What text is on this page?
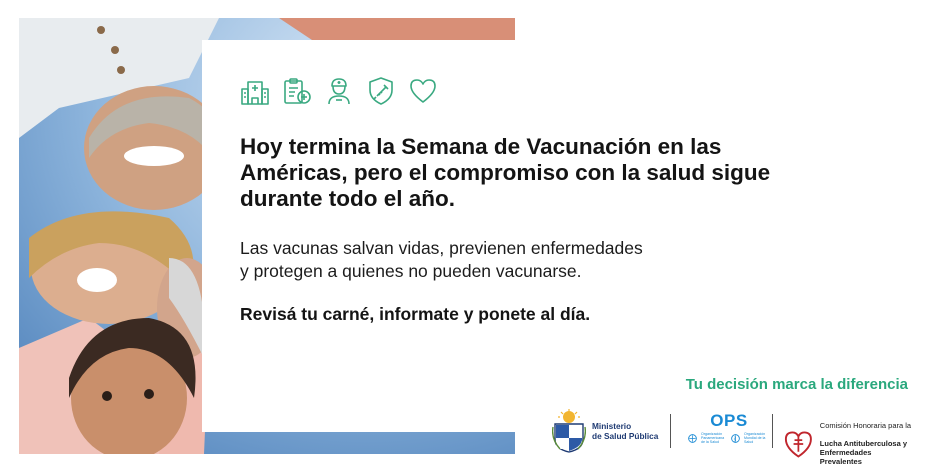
Hoy termina la Semana de Vacunación en las Américas, pero el compromiso con la salud sigue durante todo el año.

Las vacunas salvan vidas, previenen enfermedades
y protegen a quienes no pueden vacunarse.

Revisá tu carné, informate y ponete al día.

Tu decisión marca la diferencia
Ministerio
de Salud Pública
OPS
Organización Panamericana de la Salud
Organización Mundial de la Salud

Comisión Honoraria para la

Lucha Antituberculosa y
Enfermedades Prevalentes
